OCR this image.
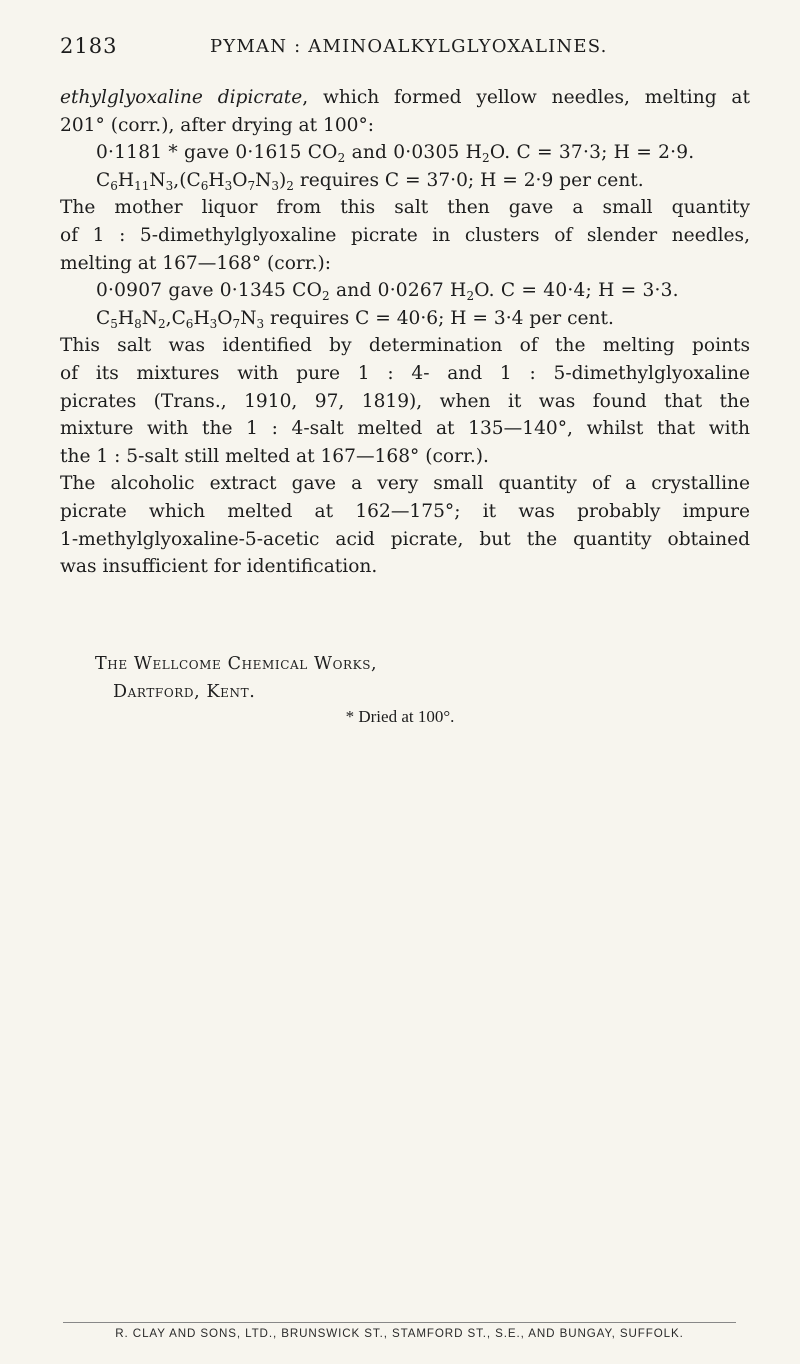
2183	PYMAN : AMINOALKYLGLYOXALINES.
ethylglyoxaline dipicrate, which formed yellow needles, melting at
201° (corr.), after drying at 100°:
0·1181 * gave 0·1615 $CO_2$ and 0·0305 $H_2O$. C = 37·3; H = 2·9.
$C_6H_{11}N_3,(C_6H_3O_7N_3)_2$ requires C = 37·0; H = 2·9 per cent.
The mother liquor from this salt then gave a small quantity
of 1 : 5-dimethylglyoxaline picrate in clusters of slender needles,
melting at 167—168° (corr.):
0·0907 gave 0·1345 $CO_2$ and 0·0267 $H_2O$. C = 40·4; H = 3·3.
$C_5H_8N_2,C_6H_3O_7N_3$ requires C = 40·6; H = 3·4 per cent.
This salt was identified by determination of the melting points
of its mixtures with pure 1 : 4- and 1 : 5-dimethylglyoxaline
picrates (Trans., 1910, 97, 1819), when it was found that the
mixture with the 1 : 4-salt melted at 135—140°, whilst that with
the 1 : 5-salt still melted at 167—168° (corr.).
The alcoholic extract gave a very small quantity of a crystalline
picrate which melted at 162—175°; it was probably impure
1-methylglyoxaline-5-acetic acid picrate, but the quantity obtained
was insufficient for identification.
The Wellcome Chemical Works,
Dartford, Kent.
* Dried at 100°.
R. CLAY AND SONS, LTD., BRUNSWICK ST., STAMFORD ST., S.E., AND BUNGAY, SUFFOLK.
